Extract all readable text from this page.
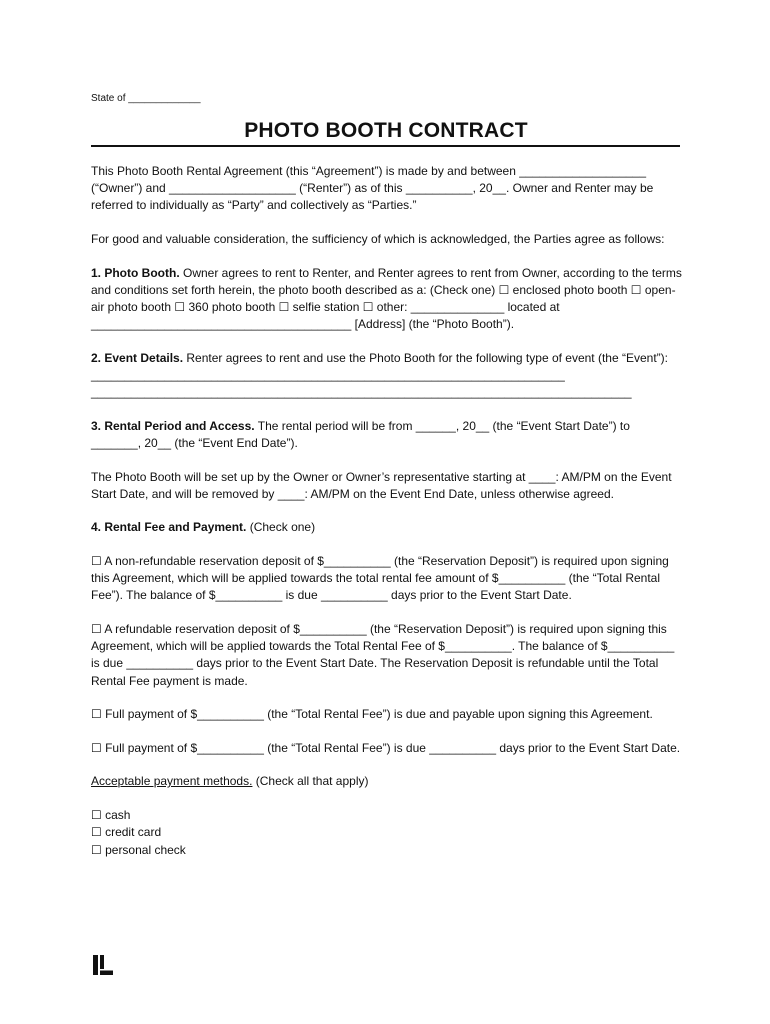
State of _____________
PHOTO BOOTH CONTRACT

This Photo Booth Rental Agreement (this “Agreement”) is made by and between ___________________ (“Owner”) and ___________________ (“Renter”) as of this __________, 20__. Owner and Renter may be referred to individually as “Party” and collectively as “Parties.”

For good and valuable consideration, the sufficiency of which is acknowledged, the Parties agree as follows:

1. Photo Booth. Owner agrees to rent to Renter, and Renter agrees to rent from Owner, according to the terms and conditions set forth herein, the photo booth described as a: (Check one) ☐ enclosed photo booth ☐ open-air photo booth ☐ 360 photo booth ☐ selfie station ☐ other: ______________ located at _______________________________________ [Address] (the “Photo Booth”).

2. Event Details. Renter agrees to rent and use the Photo Booth for the following type of event (the “Event”): _______________________________________________________________________ _________________________________________________________________________________

3. Rental Period and Access. The rental period will be from ______, 20__ (the “Event Start Date”) to _______, 20__ (the “Event End Date”).

The Photo Booth will be set up by the Owner or Owner’s representative starting at ____: AM/PM on the Event Start Date, and will be removed by ____: AM/PM on the Event End Date, unless otherwise agreed.

4. Rental Fee and Payment. (Check one)

☐ A non-refundable reservation deposit of $__________ (the “Reservation Deposit”) is required upon signing this Agreement, which will be applied towards the total rental fee amount of $__________ (the “Total Rental Fee”). The balance of $__________ is due __________ days prior to the Event Start Date.

☐ A refundable reservation deposit of $__________ (the “Reservation Deposit”) is required upon signing this Agreement, which will be applied towards the Total Rental Fee of $__________. The balance of $__________ is due __________ days prior to the Event Start Date. The Reservation Deposit is refundable until the Total Rental Fee payment is made.

☐ Full payment of $__________ (the “Total Rental Fee”) is due and payable upon signing this Agreement.

☐ Full payment of $__________ (the “Total Rental Fee”) is due __________ days prior to the Event Start Date.

Acceptable payment methods. (Check all that apply)

☐ cash
☐ credit card
☐ personal check
